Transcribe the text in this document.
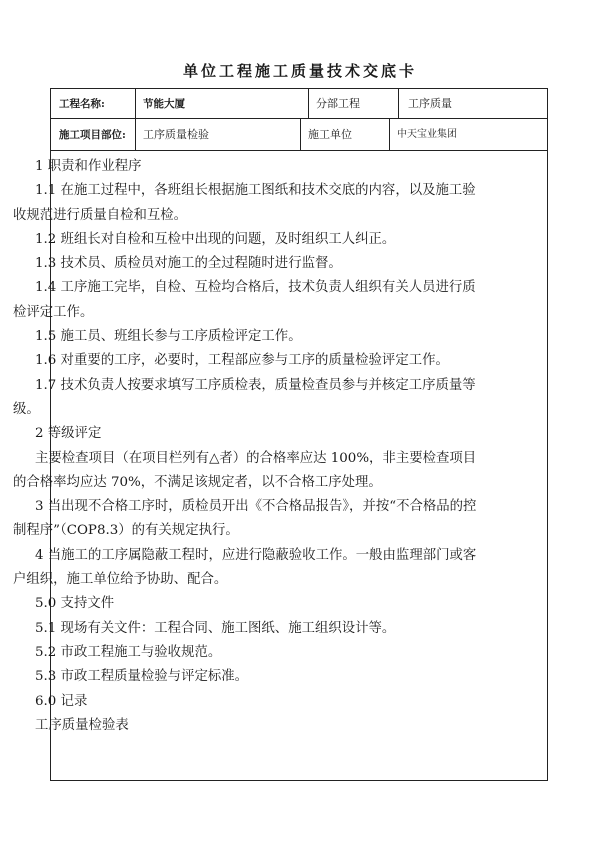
单位工程施工质量技术交底卡
工程名称:	节能大厦	分部工程	工序质量
施工项目部位: 工序质量检验	施工单位	中天宝业集团

1 职责和作业程序

1.1 在施工过程中，各班组长根据施工图纸和技术交底的内容，以及施工验收规范进行质量自检和互检。

1.2 班组长对自检和互检中出现的问题，及时组织工人纠正。

1.3 技术员、质检员对施工的全过程随时进行监督。

1.4 工序施工完毕，自检、互检均合格后，技术负责人组织有关人员进行质检评定工作。

1.5 施工员、班组长参与工序质检评定工作。

1.6 对重要的工序，必要时，工程部应参与工序的质量检验评定工作。

1.7 技术负责人按要求填写工序质检表，质量检查员参与并核定工序质量等级。

2 等级评定

主要检查项目（在项目栏列有△者）的合格率应达 100%，非主要检查项目的合格率均应达 70%，不满足该规定者，以不合格工序处理。

3 当出现不合格工序时，质检员开出《不合格品报告》，并按“不合格品的控制程序”（COP8.3）的有关规定执行。

4 当施工的工序属隐蔽工程时，应进行隐蔽验收工作。一般由监理部门或客户组织，施工单位给予协助、配合。

5.0 支持文件

5.1 现场有关文件：工程合同、施工图纸、施工组织设计等。

5.2 市政工程施工与验收规范。

5.3 市政工程质量检验与评定标准。

6.0 记录

工序质量检验表
